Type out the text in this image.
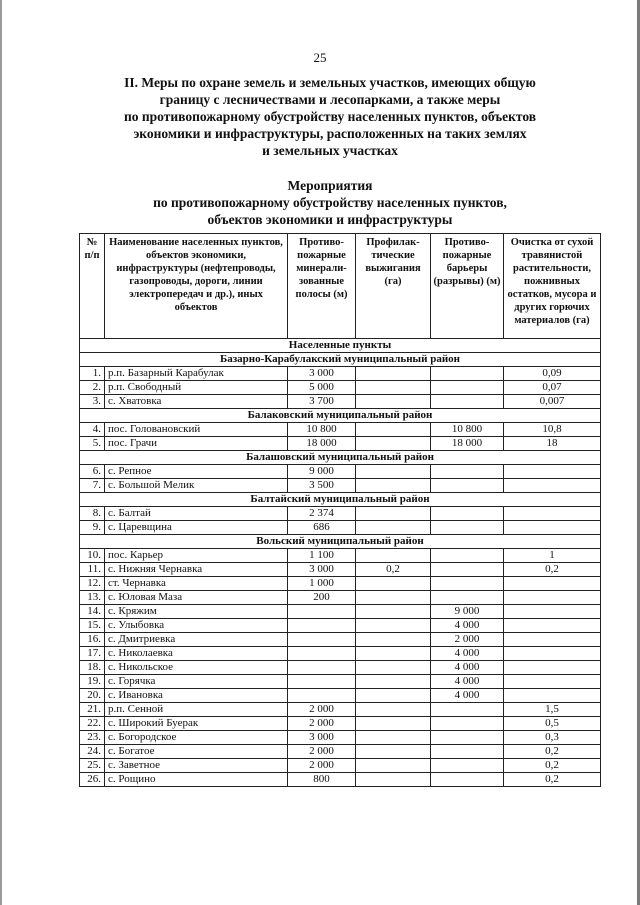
25
II. Меры по охране земель и земельных участков, имеющих общую
границу с лесничествами и лесопарками, а также меры
по противопожарному обустройству населенных пунктов, объектов
экономики и инфраструктуры, расположенных на таких землях
и земельных участках
Мероприятия
по противопожарному обустройству населенных пунктов,
объектов экономики и инфраструктуры
№ п/п	Наименование населенных пунктов, объектов экономики, инфраструктуры (нефтепроводы, газопроводы, дороги, линии электропередач и др.), иных объектов	Противо-пожарные минерали-зованные полосы (м)	Профилак-тические выжигания (га)	Противо-пожарные барьеры (разрывы) (м)	Очистка от сухой травянистой растительности, пожнивных остатков, мусора и других горючих материалов (га)
Населенные пункты					
Базарно-Карабулакский муниципальный район					
1.	р.п. Базарный Карабулак	3 000			0,09
2.	р.п. Свободный	5 000			0,07
3.	с. Хватовка	3 700			0,007
Балаковский муниципальный район					
4.	пос. Головановский	10 800		10 800	10,8
5.	пос. Грачи	18 000		18 000	18
Балашовский муниципальный район					
6.	с. Репное	9 000			
7.	с. Большой Мелик	3 500			
Балтайский муниципальный район					
8.	с. Балтай	2 374			
9.	с. Царевщина	686			
Вольский муниципальный район					
10.	пос. Карьер	1 100			1
11.	с. Нижняя Чернавка	3 000	0,2		0,2
12.	ст. Чернавка	1 000			
13.	с. Юловая Маза	200			
14.	с. Кряжим			9 000	
15.	с. Улыбовка			4 000	
16.	с. Дмитриевка			2 000	
17.	с. Николаевка			4 000	
18.	с. Никольское			4 000	
19.	с. Горячка			4 000	
20.	с. Ивановка			4 000	
21.	р.п. Сенной	2 000			1,5
22.	с. Широкий Буерак	2 000			0,5
23.	с. Богородское	3 000			0,3
24.	с. Богатое	2 000			0,2
25.	с. Заветное	2 000			0,2
26.	с. Рощино	800			0,2
